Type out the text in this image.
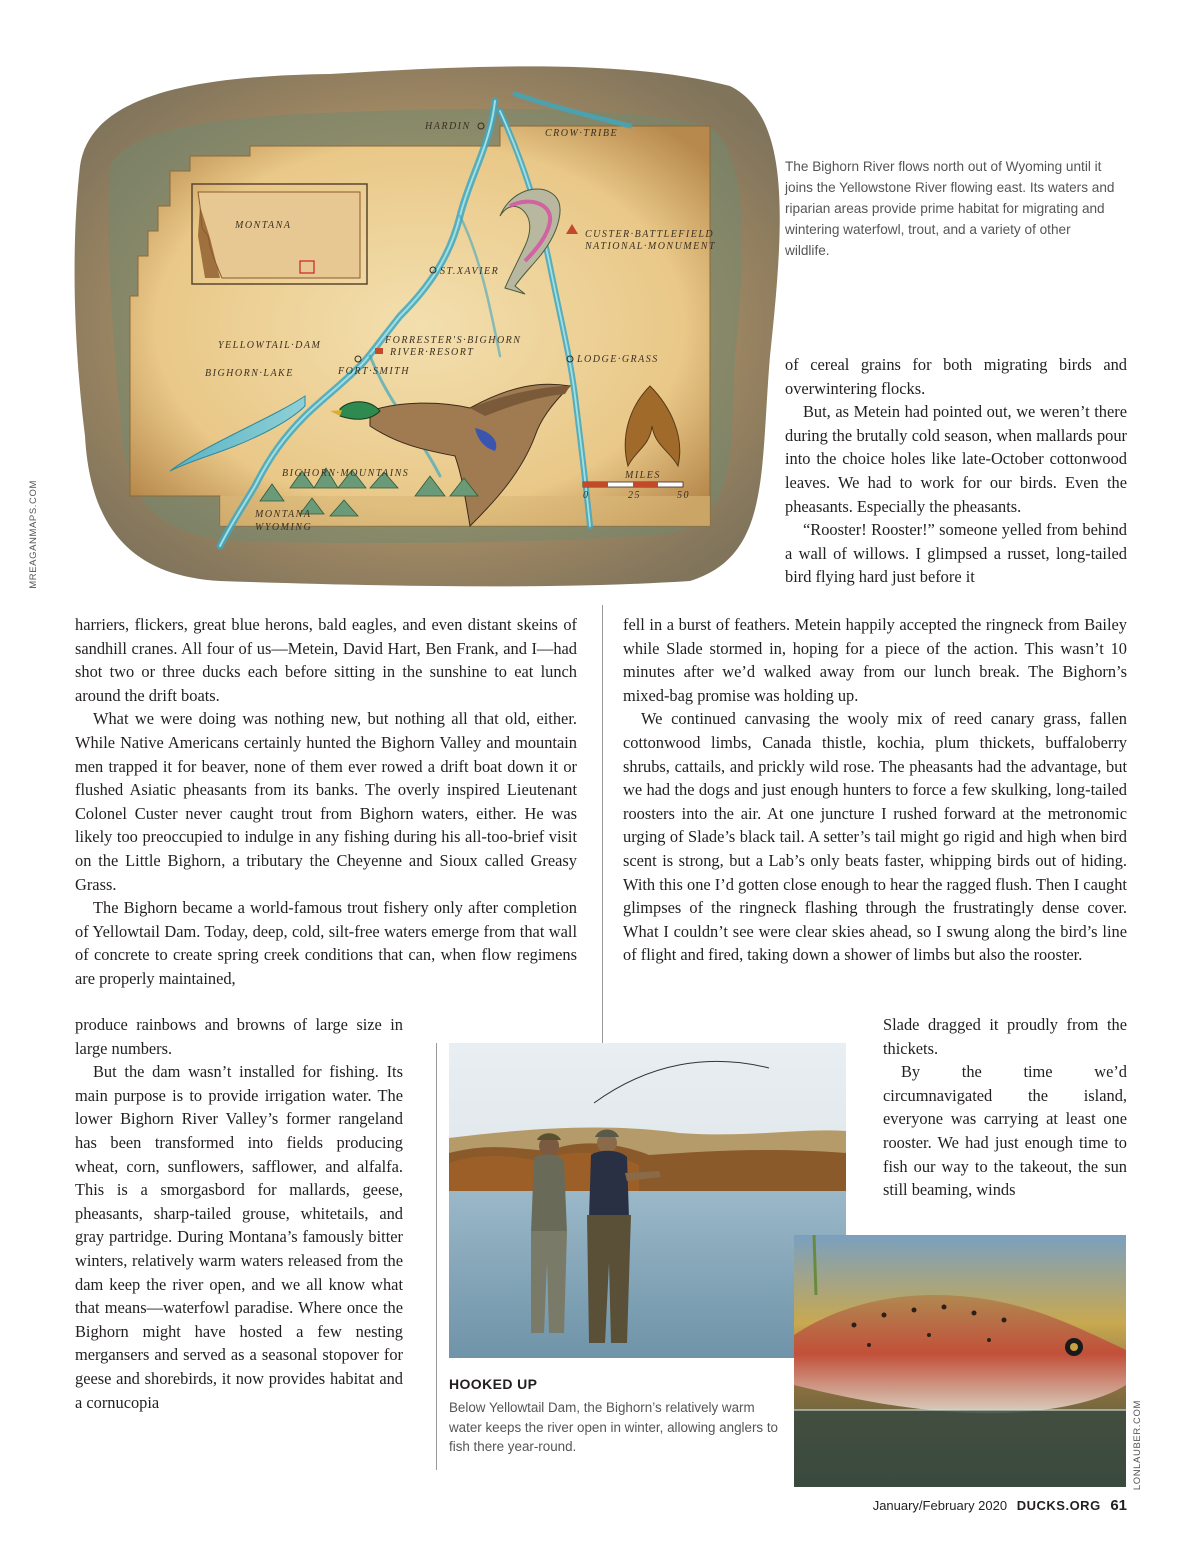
MONTANA
MILES
0	25	50
HARDIN
CROW·TRIBE
CUSTER·BATTLEFIELD
NATIONAL·MONUMENT
ST.XAVIER
FORRESTER'S·BIGHORN
RIVER·RESORT
YELLOWTAIL·DAM
LODGE·GRASS
BIGHORN·LAKE	FORT·SMITH
BIGHORN·MOUNTAINS
MONTANA
WYOMING
MREAGANMAPS.COM
The Bighorn River flows north out of Wyoming until it joins the Yellowstone River flowing east. Its waters and riparian areas provide prime habitat for migrating and wintering waterfowl, trout, and a variety of other wildlife.

of cereal grains for both migrating birds and overwintering flocks.

But, as Metein had pointed out, we weren’t there during the brutally cold season, when mallards pour into the choice holes like late-October cottonwood leaves. We had to work for our birds. Even the pheasants. Especially the pheasants.

“Rooster! Rooster!” someone yelled from behind a wall of willows. I glimpsed a russet, long-tailed bird flying hard just before it

harriers, flickers, great blue herons, bald eagles, and even distant skeins of sandhill cranes. All four of us—Metein, David Hart, Ben Frank, and I—had shot two or three ducks each before sitting in the sunshine to eat lunch around the drift boats.

What we were doing was nothing new, but nothing all that old, either. While Native Americans certainly hunted the Bighorn Valley and mountain men trapped it for beaver, none of them ever rowed a drift boat down it or flushed Asiatic pheasants from its banks. The overly inspired Lieutenant Colonel Custer never caught trout from Bighorn waters, either. He was likely too preoccupied to indulge in any fishing during his all-too-brief visit on the Little Bighorn, a tributary the Cheyenne and Sioux called Greasy Grass.

The Bighorn became a world-famous trout fishery only after completion of Yellowtail Dam. Today, deep, cold, silt-free waters emerge from that wall of concrete to create spring creek conditions that can, when flow regimens are properly maintained,

produce rainbows and browns of large size in large numbers.

But the dam wasn’t installed for fishing. Its main purpose is to provide irrigation water. The lower Bighorn River Valley’s former rangeland has been transformed into fields producing wheat, corn, sunflowers, safflower, and alfalfa. This is a smorgasbord for mallards, geese, pheasants, sharp-tailed grouse, whitetails, and gray partridge. During Montana’s famously bitter winters, relatively warm waters released from the dam keep the river open, and we all know what that means—waterfowl paradise. Where once the Bighorn might have hosted a few nesting mergansers and served as a seasonal stopover for geese and shorebirds, it now provides habitat and a cornucopia

fell in a burst of feathers. Metein happily accepted the ringneck from Bailey while Slade stormed in, hoping for a piece of the action. This wasn’t 10 minutes after we’d walked away from our lunch break. The Bighorn’s mixed-bag promise was holding up.

We continued canvasing the wooly mix of reed canary grass, fallen cottonwood limbs, Canada thistle, kochia, plum thickets, buffaloberry shrubs, cattails, and prickly wild rose. The pheasants had the advantage, but we had the dogs and just enough hunters to force a few skulking, long-tailed roosters into the air. At one juncture I rushed forward at the metronomic urging of Slade’s black tail. A setter’s tail might go rigid and high when bird scent is strong, but a Lab’s only beats faster, whipping birds out of hiding. With this one I’d gotten close enough to hear the ragged flush. Then I caught glimpses of the ringneck flashing through the frustratingly dense cover. What I couldn’t see were clear skies ahead, so I swung along the bird’s line of flight and fired, taking down a shower of limbs but also the rooster.

Slade dragged it proudly from the thickets.

By the time we’d circumnavigated the island, everyone was carrying at least one rooster. We had just enough time to fish our way to the takeout, the sun still beaming, winds

LONLAUBER.COM
HOOKED UP
Below Yellowtail Dam, the Bighorn’s relatively warm water keeps the river open in winter, allowing anglers to fish there year-round.
January/February 2020 DUCKS.ORG 61
